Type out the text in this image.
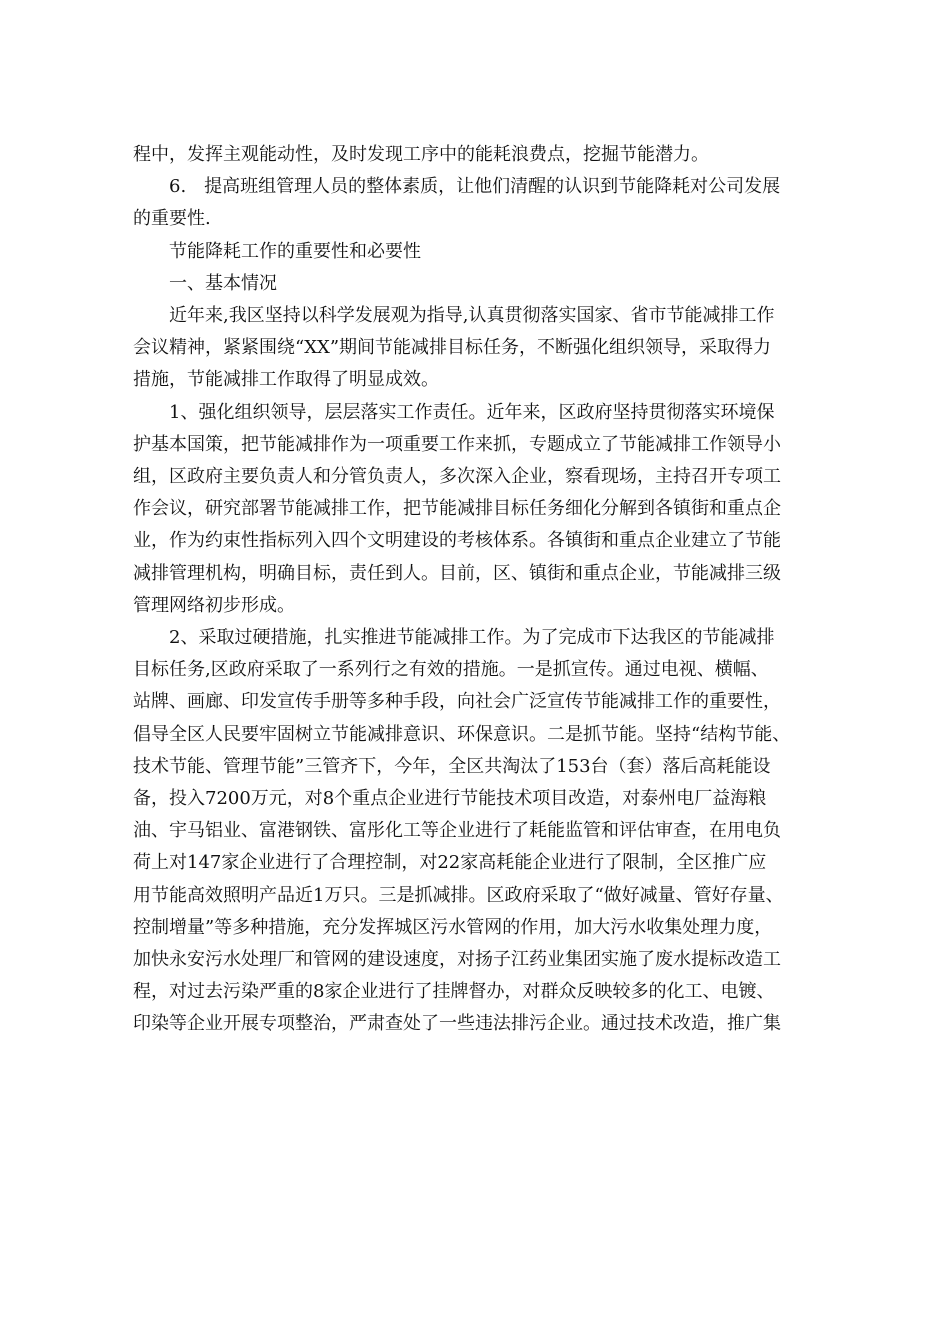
程中，发挥主观能动性，及时发现工序中的能耗浪费点，挖掘节能潜力。

6.　提高班组管理人员的整体素质，让他们清醒的认识到节能降耗对公司发展
的重要性.

节能降耗工作的重要性和必要性

一、基本情况

近年来,我区坚持以科学发展观为指导,认真贯彻落实国家、省市节能减排工作
会议精神，紧紧围绕“XX”期间节能减排目标任务，不断强化组织领导，采取得力
措施，节能减排工作取得了明显成效。

1、强化组织领导，层层落实工作责任。近年来，区政府坚持贯彻落实环境保
护基本国策，把节能减排作为一项重要工作来抓，专题成立了节能减排工作领导小
组，区政府主要负责人和分管负责人，多次深入企业，察看现场，主持召开专项工
作会议，研究部署节能减排工作，把节能减排目标任务细化分解到各镇街和重点企
业，作为约束性指标列入四个文明建设的考核体系。各镇街和重点企业建立了节能
减排管理机构，明确目标，责任到人。目前，区、镇街和重点企业，节能减排三级
管理网络初步形成。

2、采取过硬措施，扎实推进节能减排工作。为了完成市下达我区的节能减排
目标任务,区政府采取了一系列行之有效的措施。一是抓宣传。通过电视、横幅、
站牌、画廊、印发宣传手册等多种手段，向社会广泛宣传节能减排工作的重要性，
倡导全区人民要牢固树立节能减排意识、环保意识。二是抓节能。坚持“结构节能、
技术节能、管理节能”三管齐下，今年，全区共淘汰了153台（套）落后高耗能设
备，投入7200万元，对8个重点企业进行节能技术项目改造，对泰州电厂益海粮
油、宇马铝业、富港钢铁、富彤化工等企业进行了耗能监管和评估审查，在用电负
荷上对147家企业进行了合理控制，对22家高耗能企业进行了限制，全区推广应
用节能高效照明产品近1万只。三是抓减排。区政府采取了“做好减量、管好存量、
控制增量”等多种措施，充分发挥城区污水管网的作用，加大污水收集处理力度，
加快永安污水处理厂和管网的建设速度，对扬子江药业集团实施了废水提标改造工
程，对过去污染严重的8家企业进行了挂牌督办，对群众反映较多的化工、电镀、
印染等企业开展专项整治，严肃查处了一些违法排污企业。通过技术改造，推广集
